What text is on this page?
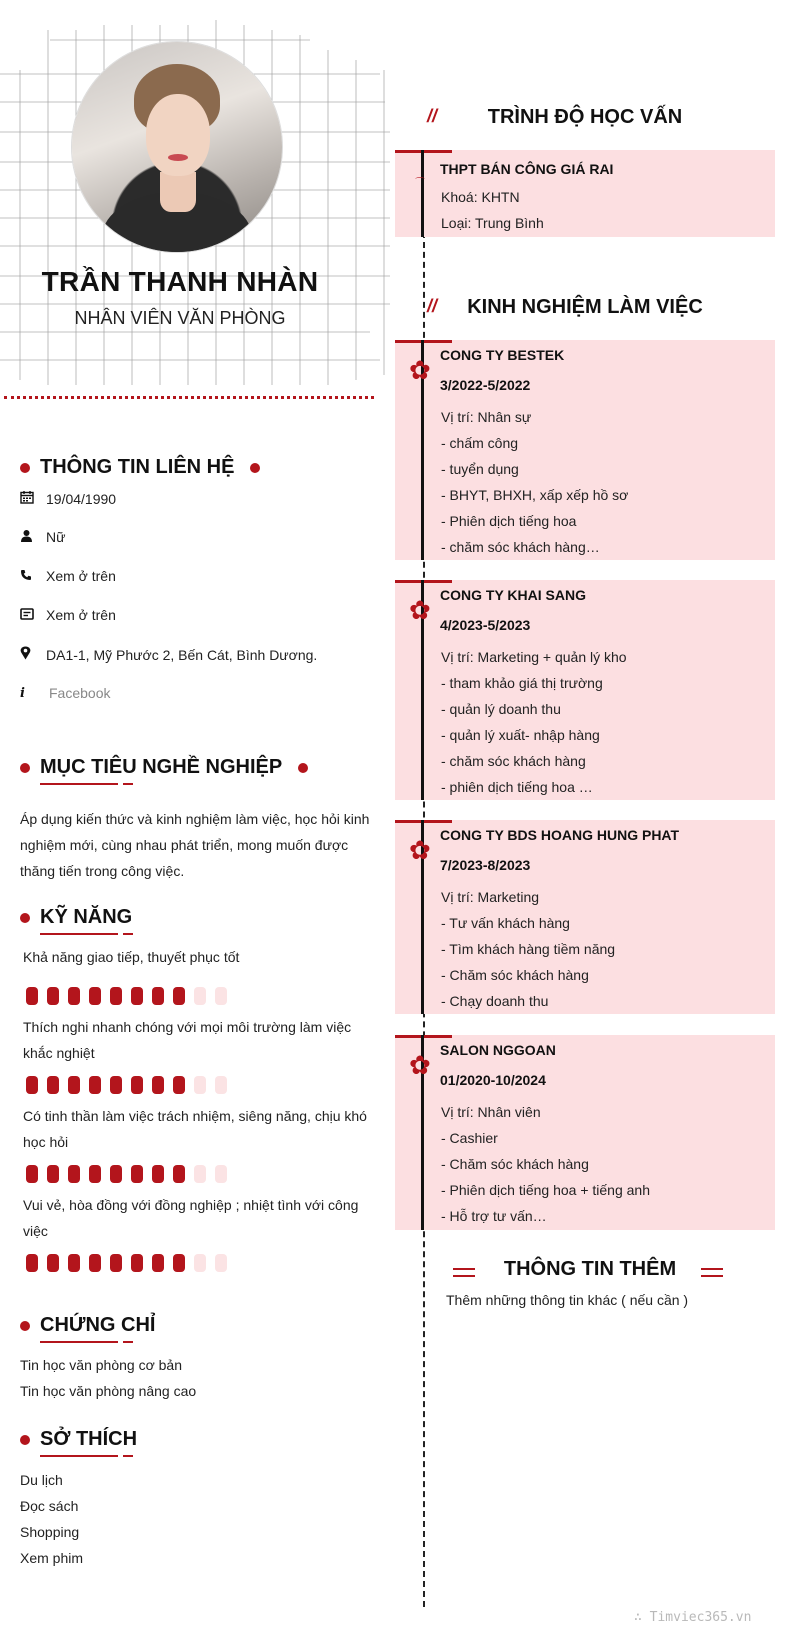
TRẦN THANH NHÀN
NHÂN VIÊN VĂN PHÒNG
THÔNG TIN LIÊN HỆ
19/04/1990
Nữ
Xem ở trên
Xem ở trên
DA1-1, Mỹ Phước 2, Bến Cát, Bình Dương.
i	Facebook
MỤC TIÊU NGHỀ NGHIỆP
Áp dụng kiến thức và kinh nghiệm làm việc, học hỏi kinh nghiệm mới, cùng nhau phát triển, mong muốn được thăng tiến trong công việc.
KỸ NĂNG
Khả năng giao tiếp, thuyết phục tốt
Thích nghi nhanh chóng với mọi môi trường làm việc khắc nghiệt
Có tinh thần làm việc trách nhiệm, siêng năng, chịu khó học hỏi
Vui vẻ, hòa đồng với đồng nghiệp ; nhiệt tình với công việc
CHỨNG CHỈ
Tin học văn phòng cơ bản
Tin học văn phòng nâng cao
SỞ THÍCH
Du lịch
Đọc sách
Shopping
Xem phim
//	TRÌNH ĐỘ HỌC VẤN
⌒
THPT BÁN CÔNG GIÁ RAI
Khoá: KHTN
Loại: Trung Bình
//	KINH NGHIỆM LÀM VIỆC
✿ CONG TY BESTEK
3/2022-5/2022
Vị trí: Nhân sự
- chấm công
- tuyển dụng
- BHYT, BHXH, xấp xếp hồ sơ
- Phiên dịch tiếng hoa
- chăm sóc khách hàng…
✿ CONG TY KHAI SANG
4/2023-5/2023
Vị trí: Marketing + quản lý kho
- tham khảo giá thị trường
- quản lý doanh thu
- quản lý xuất- nhập hàng
- chăm sóc khách hàng
- phiên dịch tiếng hoa …
✿ CONG TY BDS HOANG HUNG PHAT
7/2023-8/2023
Vị trí: Marketing
- Tư vấn khách hàng
- Tìm khách hàng tiềm năng
- Chăm sóc khách hàng
- Chạy doanh thu
✿ SALON NGGOAN
01/2020-10/2024
Vị trí: Nhân viên
- Cashier
- Chăm sóc khách hàng
- Phiên dịch tiếng hoa + tiếng anh
- Hỗ trợ tư vấn…
THÔNG TIN THÊM
Thêm những thông tin khác ( nếu cần )
∴ Timviec365.vn
